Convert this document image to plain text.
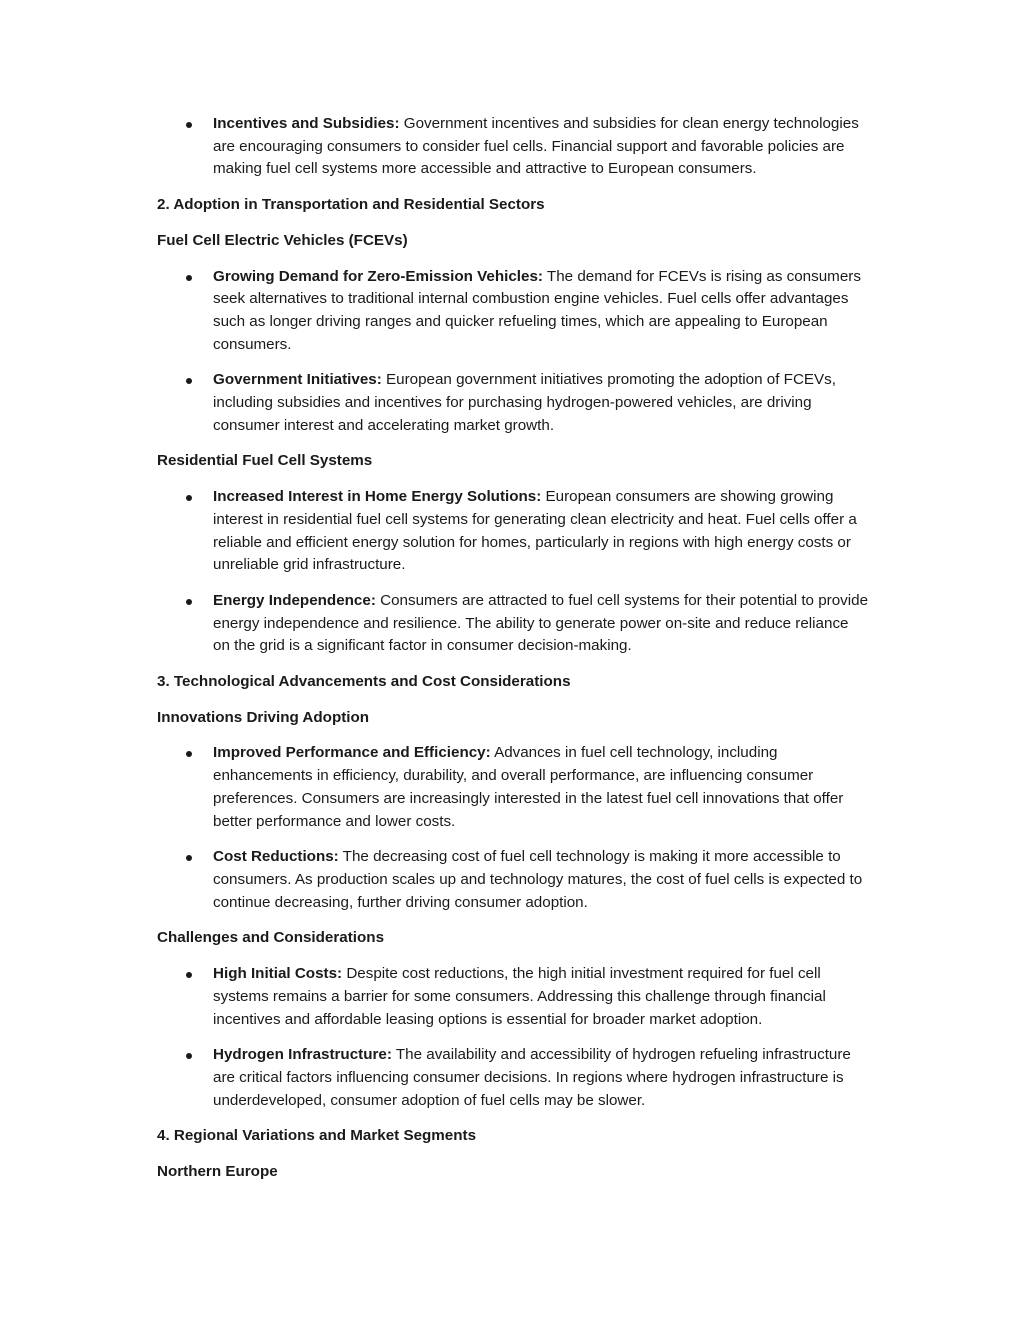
Incentives and Subsidies: Government incentives and subsidies for clean energy technologies are encouraging consumers to consider fuel cells. Financial support and favorable policies are making fuel cell systems more accessible and attractive to European consumers.
2. Adoption in Transportation and Residential Sectors
Fuel Cell Electric Vehicles (FCEVs)
Growing Demand for Zero-Emission Vehicles: The demand for FCEVs is rising as consumers seek alternatives to traditional internal combustion engine vehicles. Fuel cells offer advantages such as longer driving ranges and quicker refueling times, which are appealing to European consumers.
Government Initiatives: European government initiatives promoting the adoption of FCEVs, including subsidies and incentives for purchasing hydrogen-powered vehicles, are driving consumer interest and accelerating market growth.
Residential Fuel Cell Systems
Increased Interest in Home Energy Solutions: European consumers are showing growing interest in residential fuel cell systems for generating clean electricity and heat. Fuel cells offer a reliable and efficient energy solution for homes, particularly in regions with high energy costs or unreliable grid infrastructure.
Energy Independence: Consumers are attracted to fuel cell systems for their potential to provide energy independence and resilience. The ability to generate power on-site and reduce reliance on the grid is a significant factor in consumer decision-making.
3. Technological Advancements and Cost Considerations
Innovations Driving Adoption
Improved Performance and Efficiency: Advances in fuel cell technology, including enhancements in efficiency, durability, and overall performance, are influencing consumer preferences. Consumers are increasingly interested in the latest fuel cell innovations that offer better performance and lower costs.
Cost Reductions: The decreasing cost of fuel cell technology is making it more accessible to consumers. As production scales up and technology matures, the cost of fuel cells is expected to continue decreasing, further driving consumer adoption.
Challenges and Considerations
High Initial Costs: Despite cost reductions, the high initial investment required for fuel cell systems remains a barrier for some consumers. Addressing this challenge through financial incentives and affordable leasing options is essential for broader market adoption.
Hydrogen Infrastructure: The availability and accessibility of hydrogen refueling infrastructure are critical factors influencing consumer decisions. In regions where hydrogen infrastructure is underdeveloped, consumer adoption of fuel cells may be slower.
4. Regional Variations and Market Segments
Northern Europe
